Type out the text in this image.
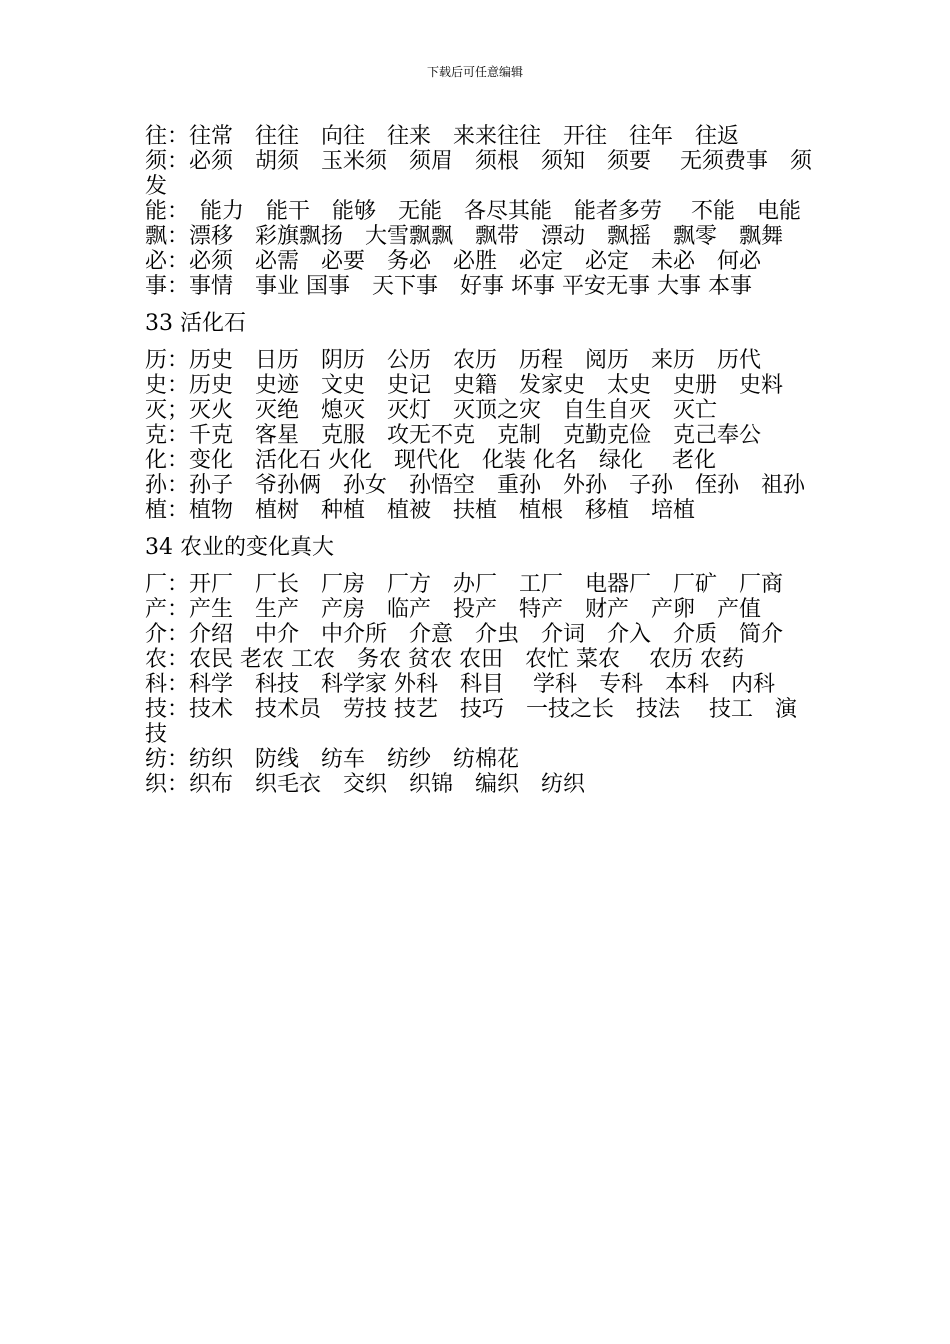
下载后可任意编辑

往：往常　往往　向往　往来　来来往往　开往　往年　往返

须：必须　胡须　玉米须　须眉　须根　须知　须要　 无须费事　须发

能：　能力　能干　能够　无能　各尽其能　能者多劳　 不能　电能

飘：漂移　彩旗飘扬　大雪飘飘　飘带　漂动　飘摇　飘零　飘舞

必：必须　必需　必要　务必　必胜　必定　必定　未必　何必

事：事情　事业 国事　天下事　好事 坏事 平安无事 大事 本事

33 活化石

历：历史　日历　阴历　公历　农历　历程　阅历　来历　历代

史：历史　史迹　文史　史记　史籍　发家史　太史　史册　史料

灭；灭火　灭绝　熄灭　灭灯　灭顶之灾　自生自灭　灭亡

克：千克　客星　克服　攻无不克　克制　克勤克俭　克己奉公

化：变化　活化石 火化　现代化　化装 化名　绿化　 老化

孙：孙子　爷孙俩　孙女　孙悟空　重孙　外孙　子孙　侄孙　祖孙

植：植物　植树　种植　植被　扶植　植根　移植　培植

34 农业的变化真大

厂：开厂　厂长　厂房　厂方　办厂　工厂　电器厂　厂矿　厂商

产：产生　生产　产房　临产　投产　特产　财产　产卵　产值

介：介绍　中介　中介所　介意　介虫　介词　介入　介质　简介

农：农民 老农 工农　务农 贫农 农田　农忙 菜农　 农历 农药

科：科学　科技　科学家 外科　科目　 学科　专科　本科　内科

技：技术　技术员　劳技 技艺　技巧　一技之长　技法　 技工　演技

纺：纺织　防线　纺车　纺纱　纺棉花

织：织布　织毛衣　交织　织锦　编织　纺织
